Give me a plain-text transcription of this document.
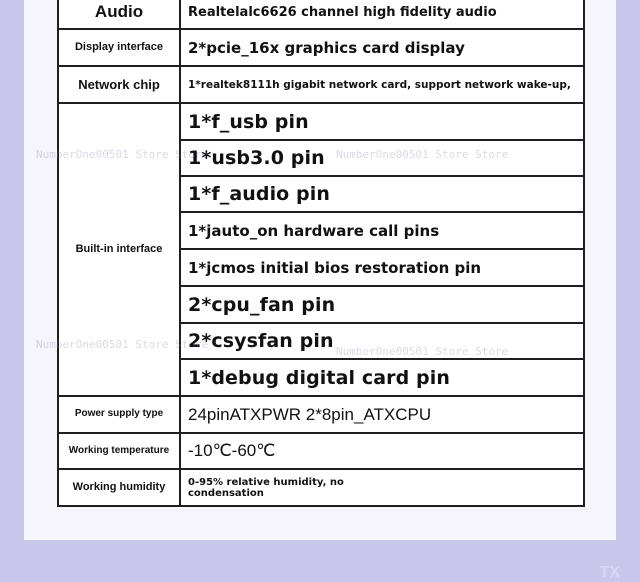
Audio	Realtelalc6626 channel high fidelity audio
Display interface	2*pcie_16x graphics card display
Network chip	1*realtek8111h gigabit network card, support network wake-up,
Built-in interface	1*f_usb pin
	1*usb3.0 pin
	1*f_audio pin
	1*jauto_on hardware call pins
	1*jcmos initial bios restoration pin
	2*cpu_fan pin
	2*csysfan pin
	1*debug digital card pin
Power supply type	24pinATXPWR 2*8pin_ATXCPU
Working temperature	-10℃-60℃
Working humidity	0-95% relative humidity, no condensation
NumberOne00501 Store Store	NumberOne00501 Store Store
NumberOne00501 Store Store
NumberOne00501 Store Store
TX
